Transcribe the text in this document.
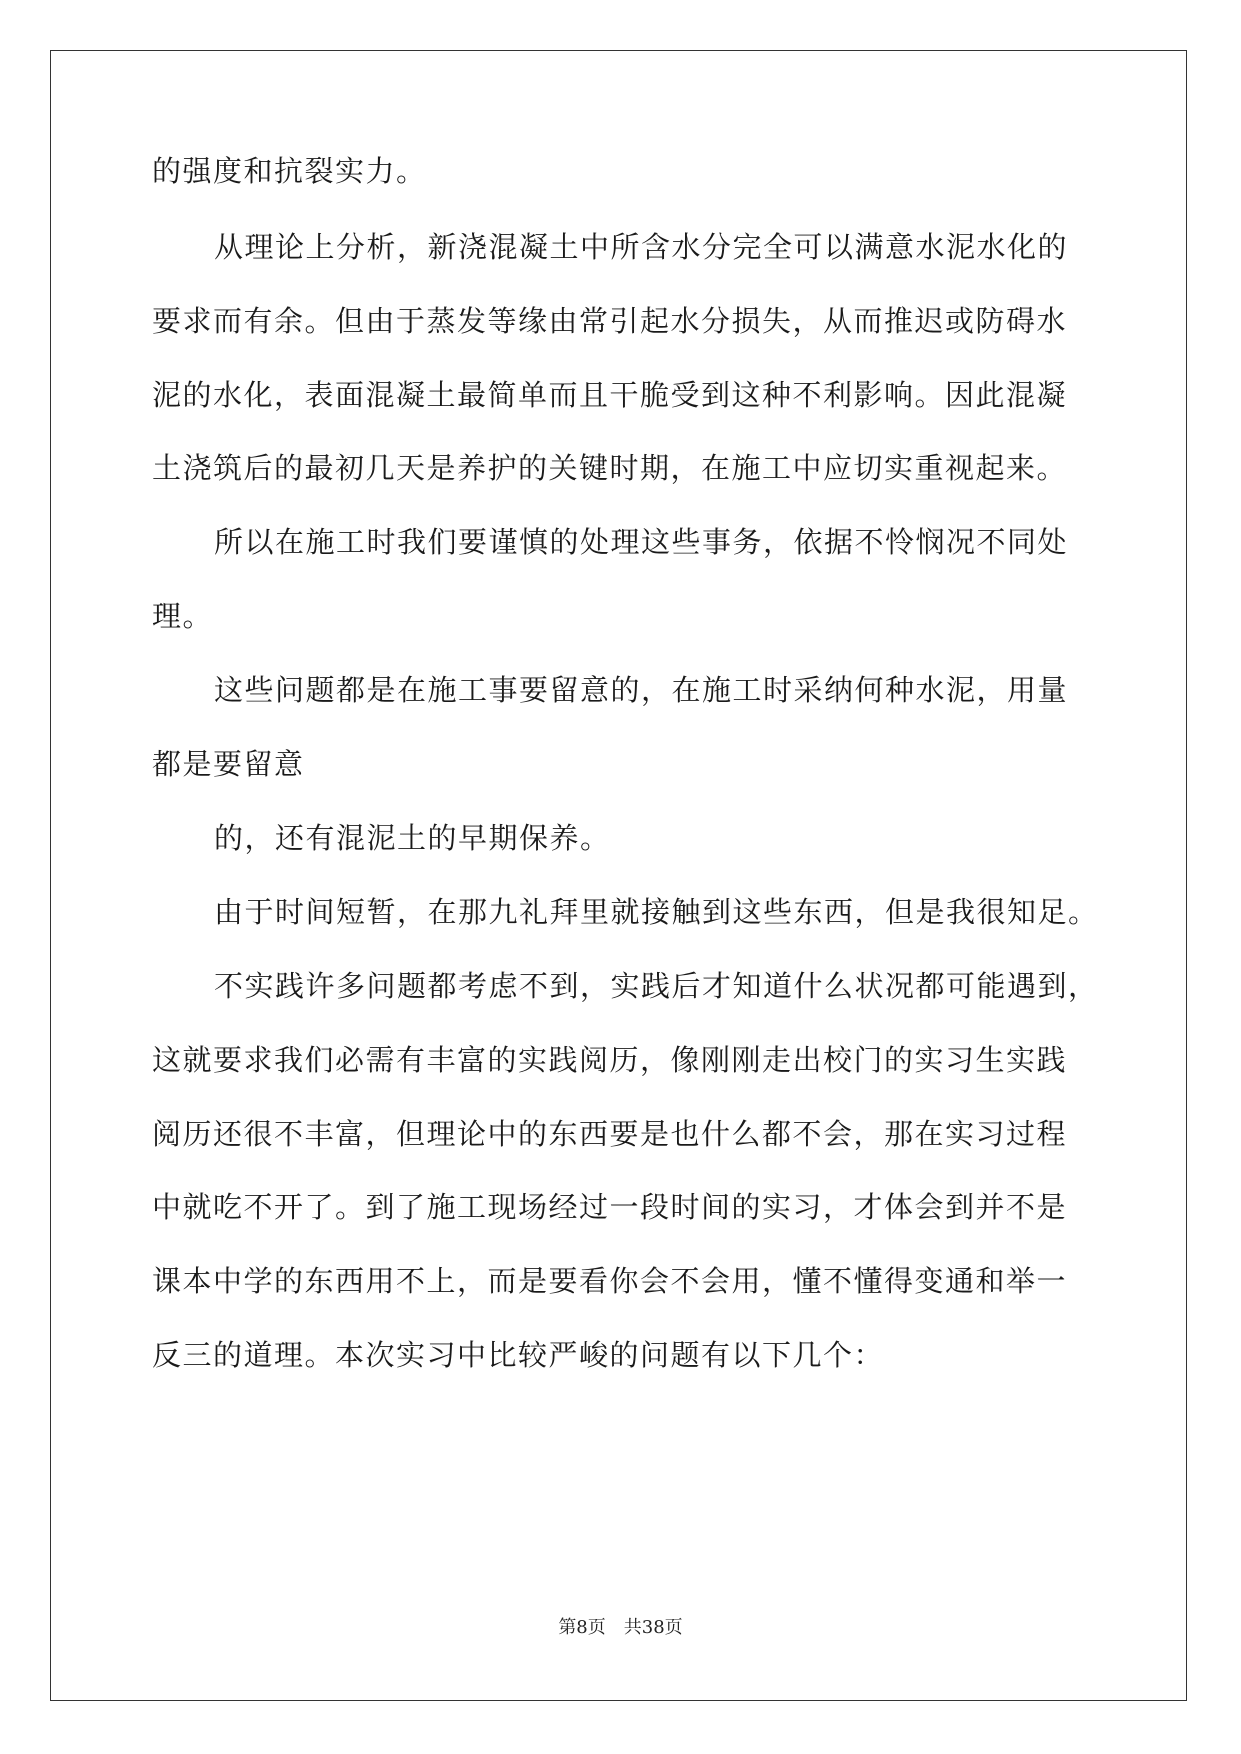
的强度和抗裂实力。
从理论上分析，新浇混凝土中所含水分完全可以满意水泥水化的
要求而有余。但由于蒸发等缘由常引起水分损失，从而推迟或防碍水
泥的水化，表面混凝土最简单而且干脆受到这种不利影响。因此混凝
土浇筑后的最初几天是养护的关键时期，在施工中应切实重视起来。
所以在施工时我们要谨慎的处理这些事务，依据不怜悯况不同处
理。
这些问题都是在施工事要留意的，在施工时采纳何种水泥，用量
都是要留意
的，还有混泥土的早期保养。
由于时间短暂，在那九礼拜里就接触到这些东西，但是我很知足。
不实践许多问题都考虑不到，实践后才知道什么状况都可能遇到，
这就要求我们必需有丰富的实践阅历，像刚刚走出校门的实习生实践
阅历还很不丰富，但理论中的东西要是也什么都不会，那在实习过程
中就吃不开了。到了施工现场经过一段时间的实习，才体会到并不是
课本中学的东西用不上，而是要看你会不会用，懂不懂得变通和举一
反三的道理。本次实习中比较严峻的问题有以下几个：
第8页 共38页
